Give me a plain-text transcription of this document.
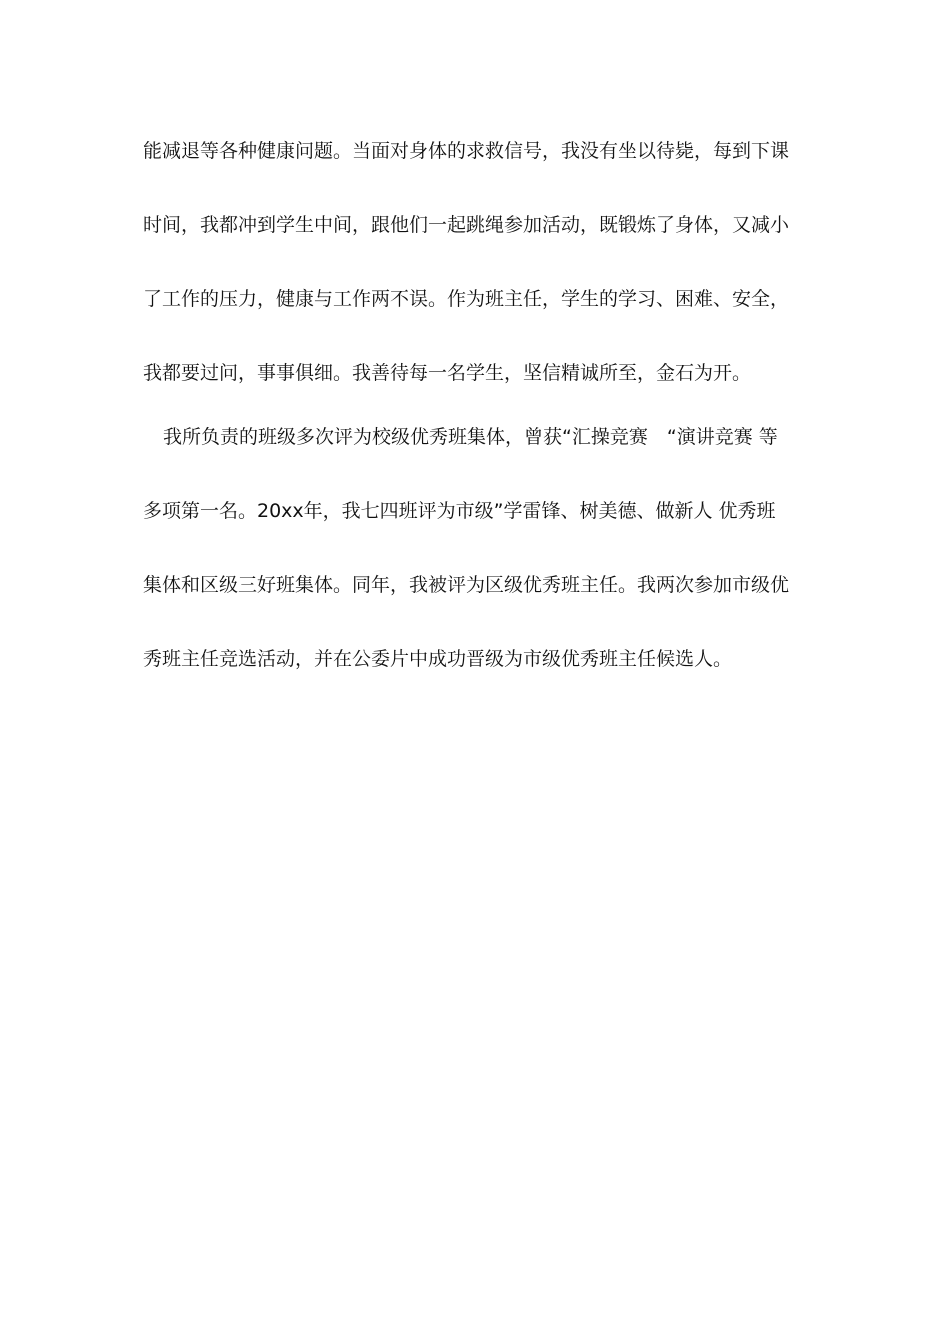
能减退等各种健康问题。当面对身体的求救信号，我没有坐以待毙，每到下课
时间，我都冲到学生中间，跟他们一起跳绳参加活动，既锻炼了身体，又减小
了工作的压力，健康与工作两不误。作为班主任，学生的学习、困难、安全，
我都要过问，事事俱细。我善待每一名学生，坚信精诚所至，金石为开。
我所负责的班级多次评为校级优秀班集体，曾获“汇操竞赛　“演讲竞赛 等
多项第一名。20xx年，我七四班评为市级”学雷锋、树美德、做新人 优秀班
集体和区级三好班集体。同年，我被评为区级优秀班主任。我两次参加市级优
秀班主任竞选活动，并在公委片中成功晋级为市级优秀班主任候选人。
